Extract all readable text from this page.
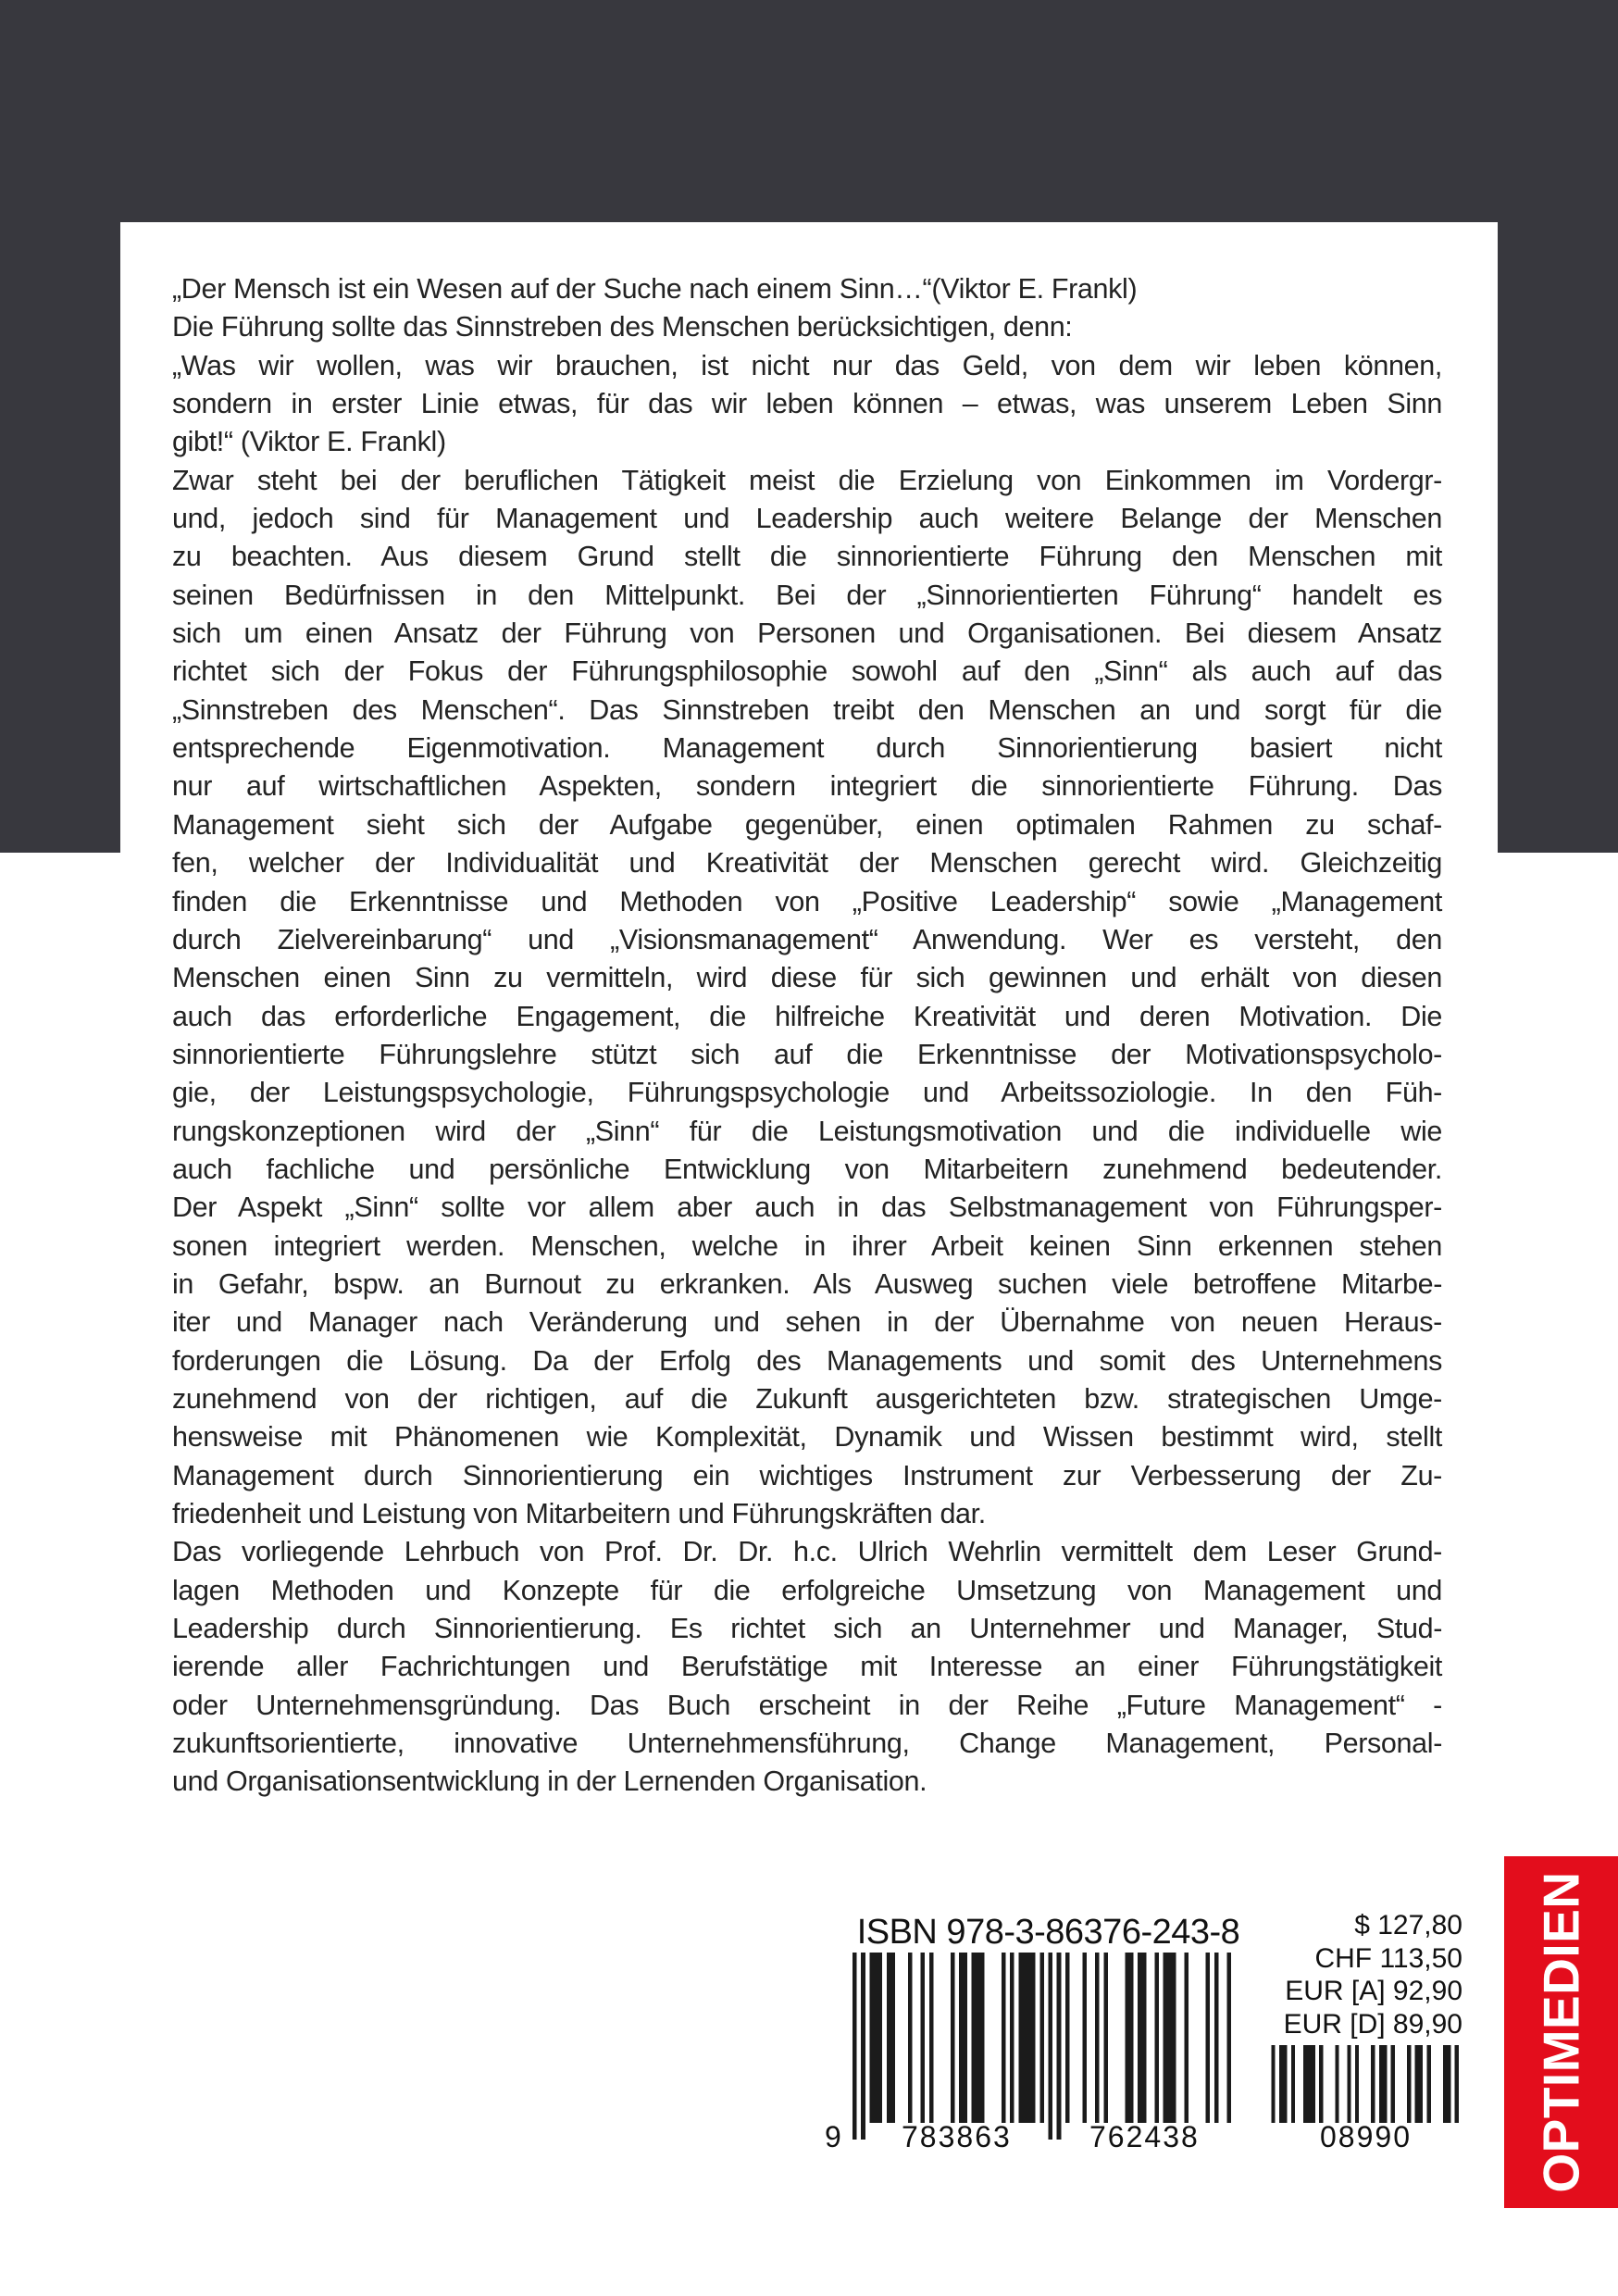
„Der Mensch ist ein Wesen auf der Suche nach einem Sinn…“(Viktor E. Frankl)
Die Führung sollte das Sinnstreben des Menschen berücksichtigen, denn:
„Was wir wollen, was wir brauchen, ist nicht nur das Geld, von dem wir leben können,
sondern in erster Linie etwas, für das wir leben können – etwas, was unserem Leben Sinn
gibt!“ (Viktor E. Frankl)
Zwar steht bei der beruflichen Tätigkeit meist die Erzielung von Einkommen im Vordergr-
und, jedoch sind für Management und Leadership auch weitere Belange der Menschen
zu beachten. Aus diesem Grund stellt die sinnorientierte Führung den Menschen mit
seinen Bedürfnissen in den Mittelpunkt. Bei der „Sinnorientierten Führung“ handelt es
sich um einen Ansatz der Führung von Personen und Organisationen. Bei diesem Ansatz
richtet sich der Fokus der Führungsphilosophie sowohl auf den „Sinn“ als auch auf das
„Sinnstreben des Menschen“. Das Sinnstreben treibt den Menschen an und sorgt für die
entsprechende Eigenmotivation. Management durch Sinnorientierung basiert nicht
nur auf wirtschaftlichen Aspekten, sondern integriert die sinnorientierte Führung. Das
Management sieht sich der Aufgabe gegenüber, einen optimalen Rahmen zu schaf-
fen, welcher der Individualität und Kreativität der Menschen gerecht wird. Gleichzeitig
finden die Erkenntnisse und Methoden von „Positive Leadership“ sowie „Management
durch Zielvereinbarung“ und „Visionsmanagement“ Anwendung. Wer es versteht, den
Menschen einen Sinn zu vermitteln, wird diese für sich gewinnen und erhält von diesen
auch das erforderliche Engagement, die hilfreiche Kreativität und deren Motivation. Die
sinnorientierte Führungslehre stützt sich auf die Erkenntnisse der Motivationspsycholo-
gie, der Leistungspsychologie, Führungspsychologie und Arbeitssoziologie. In den Füh-
rungskonzeptionen wird der „Sinn“ für die Leistungsmotivation und die individuelle wie
auch fachliche und persönliche Entwicklung von Mitarbeitern zunehmend bedeutender.
Der Aspekt „Sinn“ sollte vor allem aber auch in das Selbstmanagement von Führungsper-
sonen integriert werden. Menschen, welche in ihrer Arbeit keinen Sinn erkennen stehen
in Gefahr, bspw. an Burnout zu erkranken. Als Ausweg suchen viele betroffene Mitarbe-
iter und Manager nach Veränderung und sehen in der Übernahme von neuen Heraus-
forderungen die Lösung. Da der Erfolg des Managements und somit des Unternehmens
zunehmend von der richtigen, auf die Zukunft ausgerichteten bzw. strategischen Umge-
hensweise mit Phänomenen wie Komplexität, Dynamik und Wissen bestimmt wird, stellt
Management durch Sinnorientierung ein wichtiges Instrument zur Verbesserung der Zu-
friedenheit und Leistung von Mitarbeitern und Führungskräften dar.
Das vorliegende Lehrbuch von Prof. Dr. Dr. h.c. Ulrich Wehrlin vermittelt dem Leser Grund-
lagen Methoden und Konzepte für die erfolgreiche Umsetzung von Management und
Leadership durch Sinnorientierung. Es richtet sich an Unternehmer und Manager, Stud-
ierende aller Fachrichtungen und Berufstätige mit Interesse an einer Führungstätigkeit
oder Unternehmensgründung. Das Buch erscheint in der Reihe „Future Management“ -
zukunftsorientierte, innovative Unternehmensführung, Change Management, Personal-
und Organisationsentwicklung in der Lernenden Organisation.
ISBN 978-3-86376-243-8
9 783863	762438	08990
$ 127,80
CHF 113,50
EUR [A] 92,90
EUR [D] 89,90 OPTIMEDIEN
